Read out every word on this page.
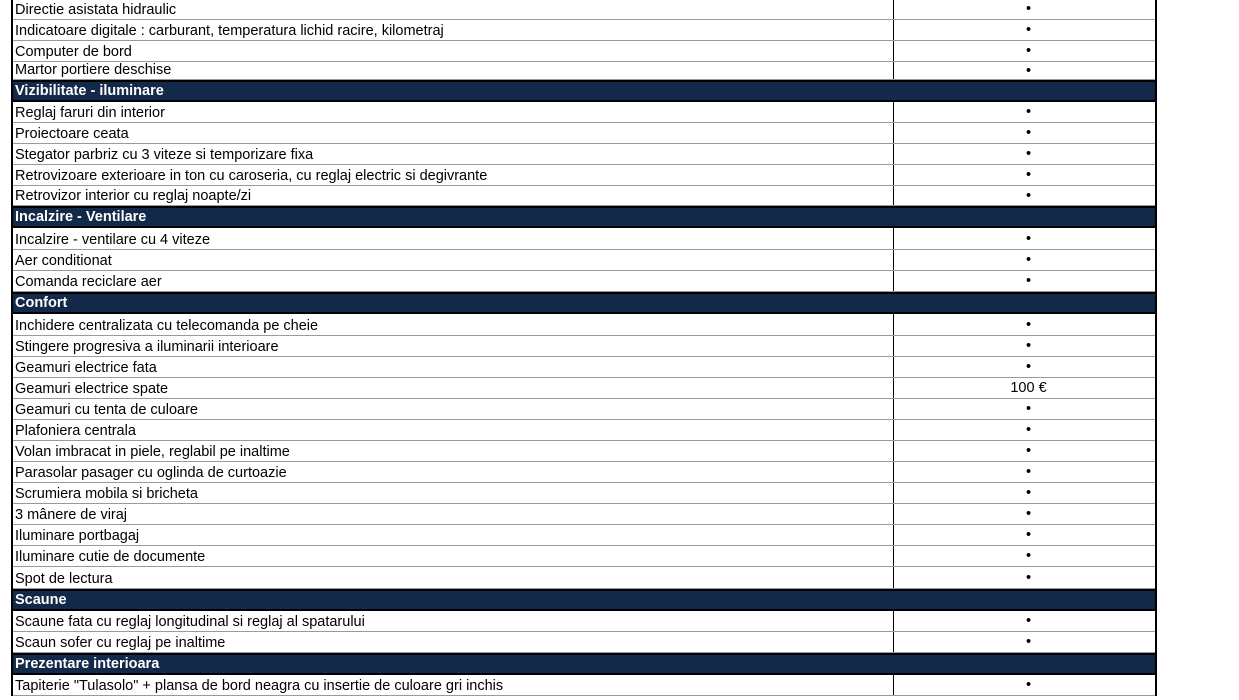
Directie asistata hidraulic	•
Indicatoare digitale : carburant, temperatura lichid racire, kilometraj	•
Computer de bord	•
Martor portiere deschise	•
Vizibilitate - iluminare
Reglaj faruri din interior	•
Proiectoare ceata	•
Stegator parbriz cu 3 viteze si temporizare fixa	•
Retrovizoare exterioare in ton cu caroseria, cu reglaj electric si degivrante	•
Retrovizor interior cu reglaj noapte/zi	•
Incalzire - Ventilare
Incalzire - ventilare cu 4 viteze	•
Aer conditionat	•
Comanda reciclare aer	•
Confort
Inchidere centralizata cu telecomanda pe cheie	•
Stingere progresiva a iluminarii interioare	•
Geamuri electrice fata	•
Geamuri electrice spate	100 €
Geamuri cu tenta de culoare	•
Plafoniera centrala	•
Volan imbracat in piele, reglabil pe inaltime	•
Parasolar pasager cu oglinda de curtoazie	•
Scrumiera mobila si bricheta	•
3 mânere de viraj	•
Iluminare portbagaj	•
Iluminare cutie de documente	•
Spot de lectura	•
Scaune
Scaune fata cu reglaj longitudinal si reglaj al spatarului	•
Scaun sofer cu reglaj pe inaltime	•
Prezentare interioara
Tapiterie "Tulasolo" + plansa de bord neagra cu insertie de culoare gri inchis	•
